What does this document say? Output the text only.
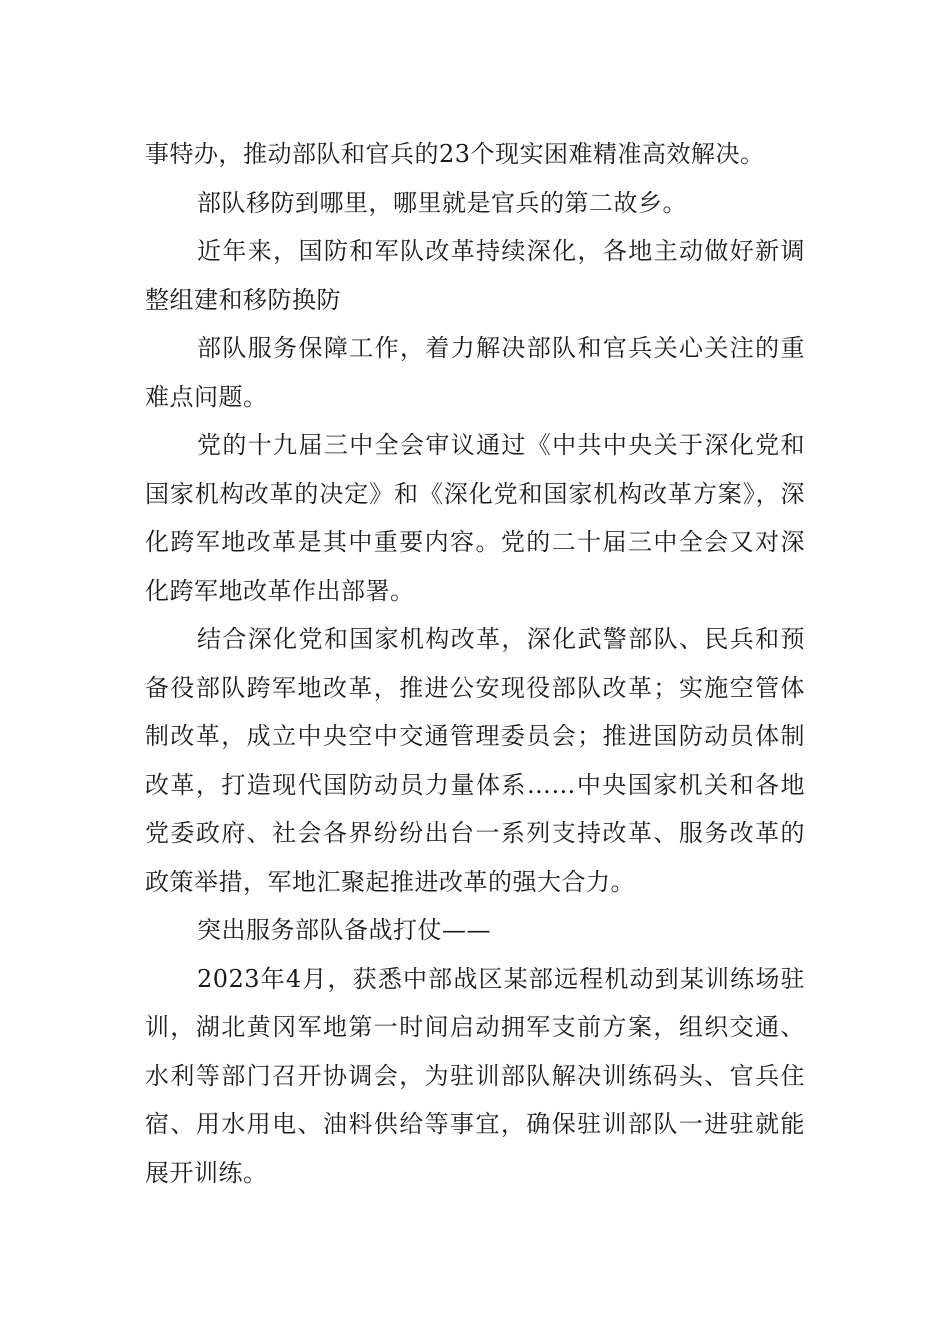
事特办，推动部队和官兵的23个现实困难精准高效解决。

部队移防到哪里，哪里就是官兵的第二故乡。

近年来，国防和军队改革持续深化，各地主动做好新调整组建和移防换防

部队服务保障工作，着力解决部队和官兵关心关注的重难点问题。

党的十九届三中全会审议通过《中共中央关于深化党和国家机构改革的决定》和《深化党和国家机构改革方案》，深化跨军地改革是其中重要内容。党的二十届三中全会又对深化跨军地改革作出部署。

结合深化党和国家机构改革，深化武警部队、民兵和预备役部队跨军地改革，推进公安现役部队改革；实施空管体制改革，成立中央空中交通管理委员会；推进国防动员体制改革，打造现代国防动员力量体系……中央国家机关和各地党委政府、社会各界纷纷出台一系列支持改革、服务改革的政策举措，军地汇聚起推进改革的强大合力。

突出服务部队备战打仗——

2023年4月，获悉中部战区某部远程机动到某训练场驻训，湖北黄冈军地第一时间启动拥军支前方案，组织交通、水利等部门召开协调会，为驻训部队解决训练码头、官兵住宿、用水用电、油料供给等事宜，确保驻训部队一进驻就能展开训练。
